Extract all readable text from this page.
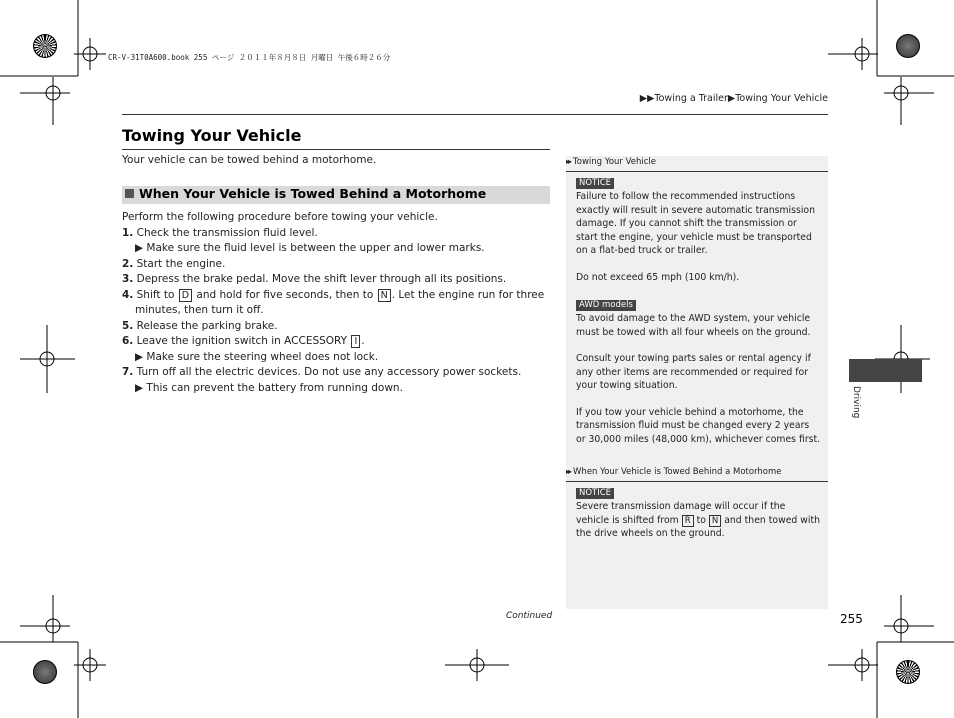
CR-V-31T0A600.book 255 ページ ２０１１年８月８日 月曜日 午後６時２６分
▶▶Towing a Trailer▶Towing Your Vehicle
Towing Your Vehicle
Your vehicle can be towed behind a motorhome.
When Your Vehicle is Towed Behind a Motorhome

Perform the following procedure before towing your vehicle.

1. Check the transmission fluid level.

▶ Make sure the fluid level is between the upper and lower marks.

2. Start the engine.

3. Depress the brake pedal. Move the shift lever through all its positions.

4. Shift to D and hold for five seconds, then to N . Let the engine run for three

minutes, then turn it off.

5. Release the parking brake.

6. Leave the ignition switch in ACCESSORY I .

▶ Make sure the steering wheel does not lock.

7. Turn off all the electric devices. Do not use any accessory power sockets.

▶ This can prevent the battery from running down.

Continued
▸▸ Towing Your Vehicle
NOTICE

Failure to follow the recommended instructions exactly will result in severe automatic transmission damage. If you cannot shift the transmission or start the engine, your vehicle must be transported on a flat-bed truck or trailer.

Do not exceed 65 mph (100 km/h).

AWD models

To avoid damage to the AWD system, your vehicle must be towed with all four wheels on the ground.

Consult your towing parts sales or rental agency if any other items are recommended or required for your towing situation.

If you tow your vehicle behind a motorhome, the transmission fluid must be changed every 2 years or 30,000 miles (48,000 km), whichever comes first.

▸▸ When Your Vehicle is Towed Behind a Motorhome
NOTICE
Severe transmission damage will occur if the vehicle is shifted from R to N and then towed with the drive wheels on the ground.
Driving
255
